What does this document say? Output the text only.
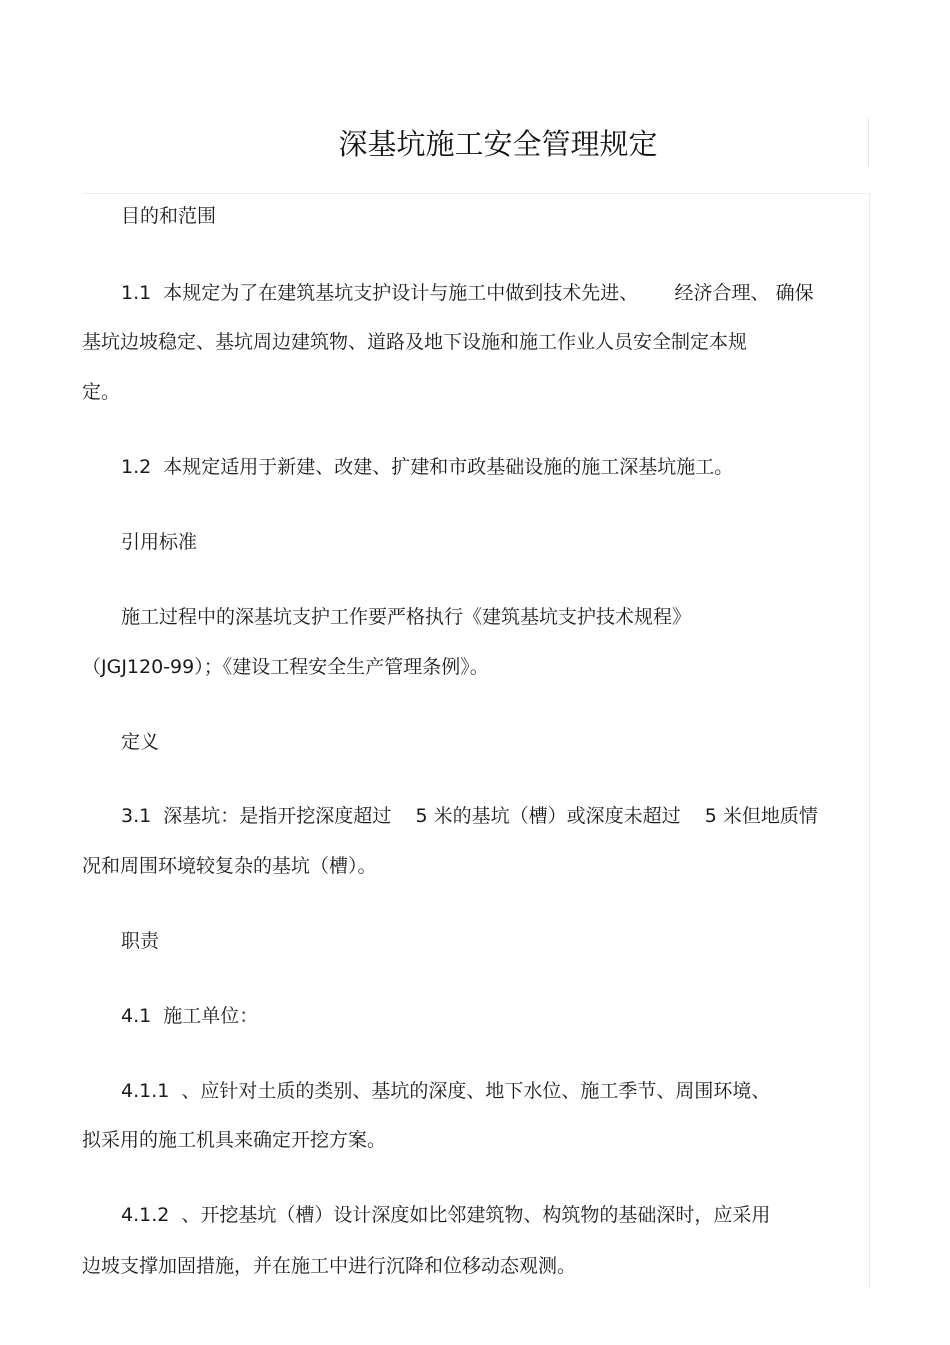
深基坑施工安全管理规定
目的和范围
1.1  本规定为了在建筑基坑支护设计与施工中做到技术先进、      经济合理、 确保
基坑边坡稳定、基坑周边建筑物、道路及地下设施和施工作业人员安全制定本规
定。
1.2  本规定适用于新建、改建、扩建和市政基础设施的施工深基坑施工。
引用标准
施工过程中的深基坑支护工作要严格执行《建筑基坑支护技术规程》
（JGJ120-99）；《建设工程安全生产管理条例》。
定义
3.1  深基坑：是指开挖深度超过    5 米的基坑（槽）或深度未超过    5 米但地质情
况和周围环境较复杂的基坑（槽）。
职责
4.1  施工单位：
4.1.1  、应针对土质的类别、基坑的深度、地下水位、施工季节、周围环境、
拟采用的施工机具来确定开挖方案。
4.1.2  、开挖基坑（槽）设计深度如比邻建筑物、构筑物的基础深时，应采用
边坡支撑加固措施，并在施工中进行沉降和位移动态观测。
